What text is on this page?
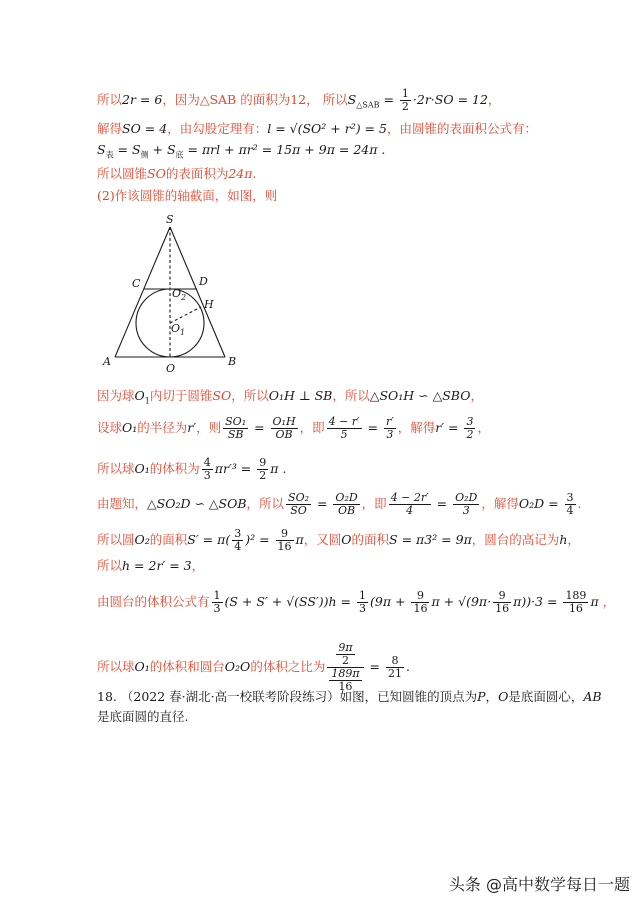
所以2r = 6，因为△SAB 的面积为12， 所以$S_{\triangle SAB} = \frac{1}{2} \cdot 2r\cdot SO = 12$，
解得SO = 4，由勾股定理有：l = √(SO² + r²) = 5，由圆锥的表面积公式有：
$S_表 = S_侧 + S_底 = \pi rl + \pi r^2 = 15\pi + 9\pi = 24\pi$ .
所以圆锥SO的表面积为24π.
(2)作该圆锥的轴截面，如图，则
S
C	D
$O_2$
H
$O_1$
A
O
B
因为球$O_1$内切于圆锥SO，所以O₁H ⊥ SB，所以△SO₁H ∽ △SBO，
设球O₁的半径为r′，则 $\frac{\text{SO₁}}{SB} = \frac{\text{O₁H}}{OB}$ ，即 $\frac{4 - r'}{5} = \frac{r'}{3}$ ，解得$r' = \frac{3}{2}$ ，
所以球O₁的体积为 $\frac{4}{3} \pi r'^3 = \frac{9}{2}$ π .
由题知，△SO₂D ∽ △SOB，所以 $\frac{\text{SO₂}}{SO} = \frac{\text{O₂D}}{OB}$ ，即 $\frac{4 - 2r'}{4} = \frac{\text{O₂D}}{3}$ ，解得$O_2D = \frac{3}{4}$ .
所以圆O₂的面积$S' = \pi( \frac{3}{4} )^2 = \frac{9}{16}$ π，又圆O的面积S = π3² = 9π，圆台的高记为h，
所以h = 2r′ = 3，
由圆台的体积公式有 $\frac{1}{3} (S + S' + √(SS'))h = \frac{1}{3} (9\pi + \frac{9}{16}$ $\pi + √(9\pi\cdot \frac{9}{16} \pi))\cdot 3 = \frac{189}{16}$ π ，
所以球O₁的体积和圆台O₂O的体积之比为 $\frac{\frac{9\pi}{2}}{\frac{189\pi}{16}} = \frac{8}{21}$ .
18. （2022 春·湖北·高一校联考阶段练习）如图，已知圆锥的顶点为P，O是底面圆心，AB
是底面圆的直径.
头条 @高中数学每日一题
